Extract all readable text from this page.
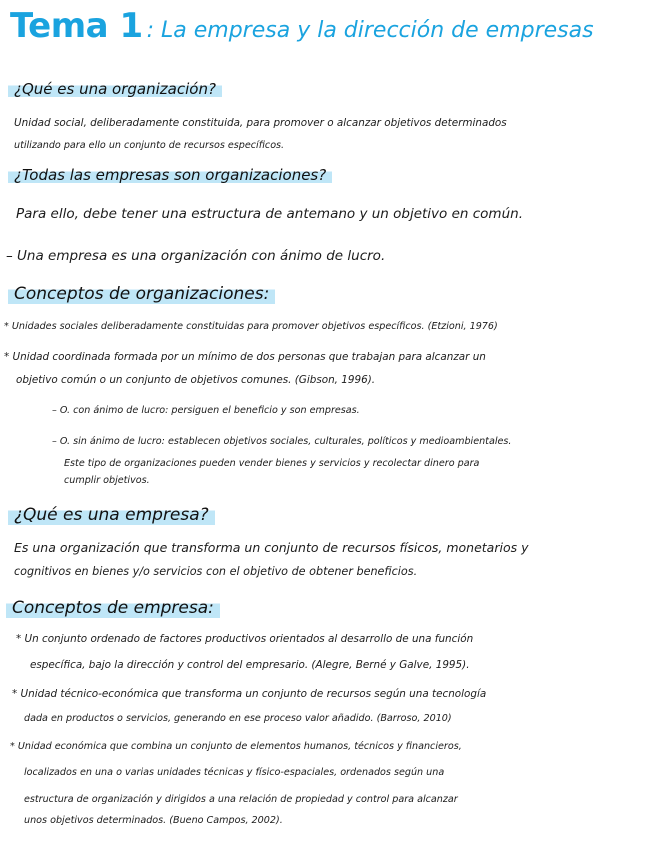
Tema 1 : La empresa y la dirección de empresas
¿Qué es una organización?
Unidad social, deliberadamente constituida, para promover o alcanzar objetivos determinados
utilizando para ello un conjunto de recursos específicos.
¿Todas las empresas son organizaciones?
Para ello, debe tener una estructura de antemano y un objetivo en común.
– Una empresa es una organización con ánimo de lucro.
Conceptos de organizaciones:
* Unidades sociales deliberadamente constituidas para promover objetivos específicos. (Etzioni, 1976)
* Unidad coordinada formada por un mínimo de dos personas que trabajan para alcanzar un
objetivo común o un conjunto de objetivos comunes. (Gibson, 1996).
– O. con ánimo de lucro: persiguen el beneficio y son empresas.
– O. sin ánimo de lucro: establecen objetivos sociales, culturales, políticos y medioambientales.
Este tipo de organizaciones pueden vender bienes y servicios y recolectar dinero para
cumplir objetivos.
¿Qué es una empresa?
Es una organización que transforma un conjunto de recursos físicos, monetarios y
cognitivos en bienes y/o servicios con el objetivo de obtener beneficios.
Conceptos de empresa:
* Un conjunto ordenado de factores productivos orientados al desarrollo de una función
específica, bajo la dirección y control del empresario. (Alegre, Berné y Galve, 1995).
* Unidad técnico-económica que transforma un conjunto de recursos según una tecnología
dada en productos o servicios, generando en ese proceso valor añadido. (Barroso, 2010)
* Unidad económica que combina un conjunto de elementos humanos, técnicos y financieros,
localizados en una o varias unidades técnicas y físico-espaciales, ordenados según una
estructura de organización y dirigidos a una relación de propiedad y control para alcanzar
unos objetivos determinados. (Bueno Campos, 2002).
